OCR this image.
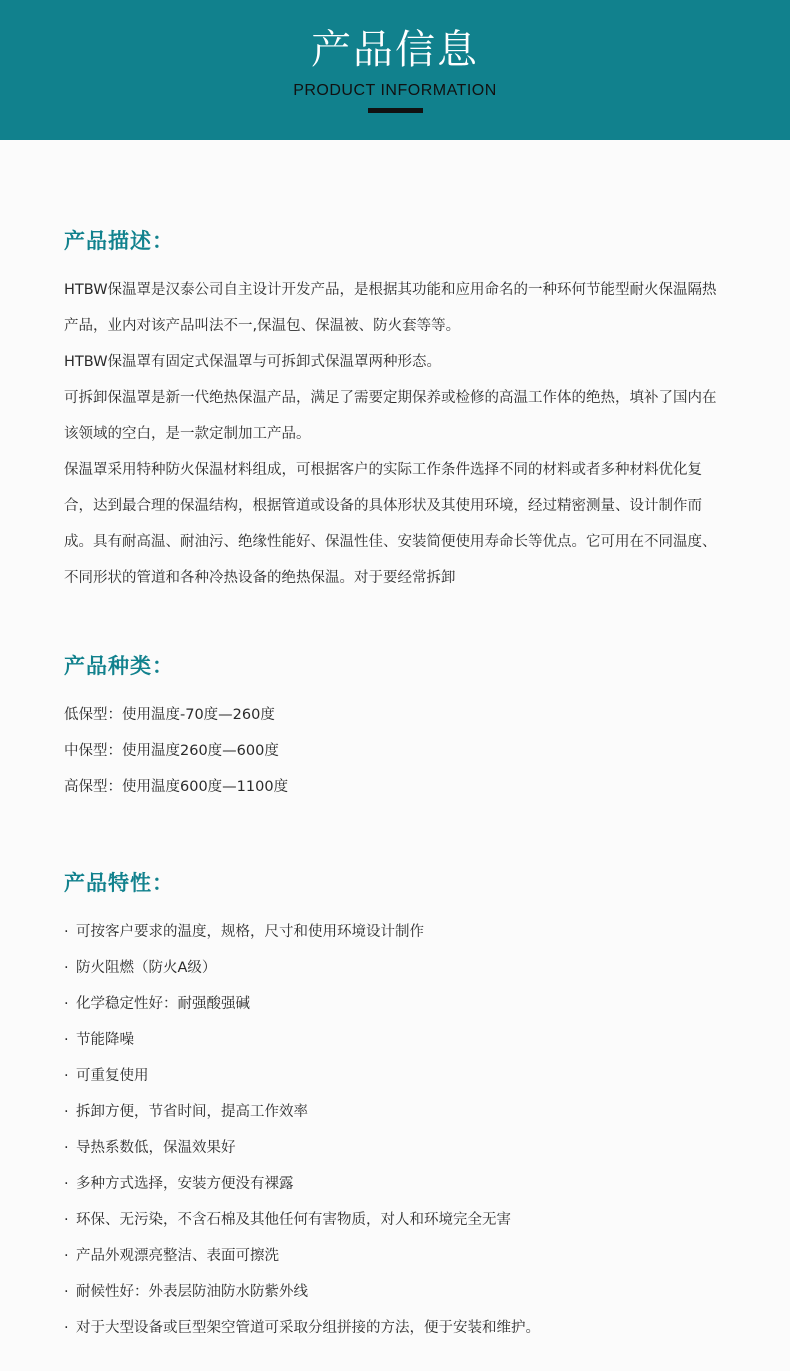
产品信息
PRODUCT INFORMATION
产品描述：

HTBW保温罩是汉泰公司自主设计开发产品，是根据其功能和应用命名的一种环何节能型耐火保温隔热产品，业内对该产品叫法不一,保温包、保温被、防火套等等。

HTBW保温罩有固定式保温罩与可拆卸式保温罩两种形态。

可拆卸保温罩是新一代绝热保温产品，满足了需要定期保养或检修的高温工作体的绝热，填补了国内在该领域的空白，是一款定制加工产品。

保温罩采用特种防火保温材料组成，可根据客户的实际工作条件选择不同的材料或者多种材料优化复合，达到最合理的保温结构，根据管道或设备的具体形状及其使用环境，经过精密测量、设计制作而成。具有耐高温、耐油污、绝缘性能好、保温性佳、安装简便使用寿命长等优点。它可用在不同温度、不同形状的管道和各种冷热设备的绝热保温。对于要经常拆卸

产品种类：
低保型：使用温度-70度—260度
中保型：使用温度260度—600度
高保型：使用温度600度—1100度
产品特性：
· 可按客户要求的温度，规格，尺寸和使用环境设计制作
· 防火阻燃（防火A级）
· 化学稳定性好：耐强酸强碱
· 节能降噪
· 可重复使用
· 拆卸方便，节省时间，提高工作效率
· 导热系数低，保温效果好
· 多种方式选择，安装方便没有裸露
· 环保、无污染，不含石棉及其他任何有害物质，对人和环境完全无害
· 产品外观漂亮整洁、表面可擦洗
· 耐候性好：外表层防油防水防紫外线
· 对于大型设备或巨型架空管道可采取分组拼接的方法，便于安装和维护。
